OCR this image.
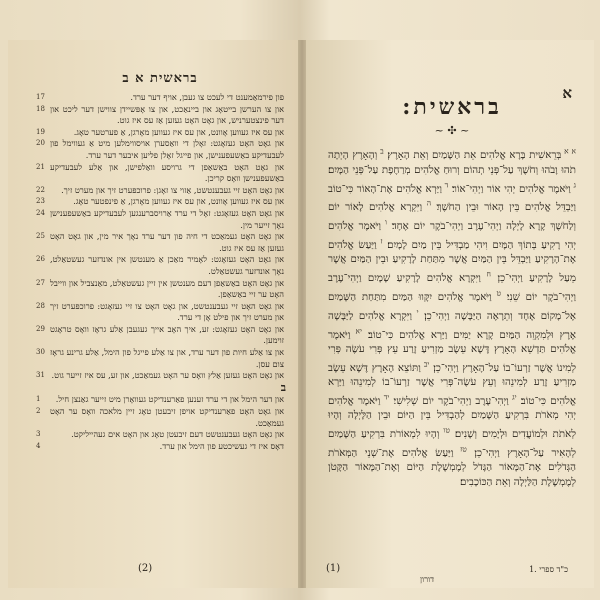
בראשית א ב

17	פון פירמאַמענט די לעכט צו געבן, אויף דער ערד.

18 און צו הערשן בייטאָג און ביינאַכט, און צו אָפּשיידן צווישן דער ליכט און דער פינצטערניש, און גאָט האָט געזען אַז עס איז גוט.

19	און עס איז געווען אָוונט, און עס איז געווען מאָרגן, אַ פערטער טאָג.

20 און גאָט האָט געזאָגט: זאָלן די וואַסערן אויסווימלען מיט אַ געווימל פון לעבעדיקע באַשעפענישן, און פייגל זאָלן פליען איבער דער ערד.

21 און גאָט האָט באַשאַפן די גרויסע וואַלפישן, און אַלע לעבעדיקע באַשעפענישן וואָס קריכן.

22 און גאָט האָט זיי געבענטשט, אַזוי צו זאָגן: פרוכפּערט זיך און מערט זיך.

23	און עס איז געווען אָוונט, און עס איז געווען מאָרגן, אַ פינפטער טאָג.

24 און גאָט האָט געזאָגט: זאָל די ערד אַרויסברענגען לעבעדיקע באַשעפענישן נאָך זייער מין.

25 און גאָט האָט געמאַכט די חיה פון דער ערד נאָך איר מין, און גאָט האָט געזען אַז עס איז גוט.

26 און גאָט האָט געזאָגט: לאָמיר מאַכן אַ מענטשן אין אונדזער געשטאַלט, נאָך אונדזער געשטאַלט.

27 און גאָט האָט באַשאַפן דעם מענטשן אין זיין געשטאַלט, מאַנצביל און ווייבל האָט ער זיי באַשאַפן.

28 און גאָט האָט זיי געבענטשט, און גאָט האָט צו זיי געזאָגט: פרוכפּערט זיך און מערט זיך און פילט אָן די ערד.

29 און גאָט האָט געזאָגט: זע, איך האָב אייך געגעבן אַלע גראָז וואָס טראָגט זוימען.

30 און צו אַלע חיות פון דער ערד, און צו אַלע פייגל פון הימל, אַלע גרינע גראָז צום עסן.

31 און גאָט האָט געזען אַלץ וואָס ער האָט געמאַכט, און זע, עס איז זייער גוט.

ב

1 און דער הימל און די ערד זענען פאַרענדיקט געוואָרן מיט זייער גאַנצן חיל.

2 און גאָט האָט פאַרענדיקט אויפן זיבעטן טאָג זיין מלאכה וואָס ער האָט געמאַכט.

3	און גאָט האָט געבענטשט דעם זיבעטן טאָג און האָט אים געהייליקט.

4	דאָס איז די געשיכטע פון הימל און ערד.

(2)
א
בראשית:
~ ✣ ~
$^{א א}$ בְּרֵאשִׁית בָּרָא אֱלֹהִים אֵת הַשָּׁמַיִם וְאֵת הָאָרֶץ׃ $^ב$ וְהָאָרֶץ הָיְתָה תֹהוּ וָבֹהוּ וְחֹשֶׁךְ עַל־פְּנֵי תְהוֹם וְרוּחַ אֱלֹהִים מְרַחֶפֶת עַל־פְּנֵי הַמָּיִם׃ $^ג$ וַיֹּאמֶר אֱלֹהִים יְהִי אוֹר וַיְהִי־אוֹר׃ $^ד$ וַיַּרְא אֱלֹהִים אֶת־הָאוֹר כִּי־טוֹב וַיַּבְדֵּל אֱלֹהִים בֵּין הָאוֹר וּבֵין הַחֹשֶׁךְ׃ $^ה$ וַיִּקְרָא אֱלֹהִים לָאוֹר יוֹם וְלַחֹשֶׁךְ קָרָא לָיְלָה וַיְהִי־עֶרֶב וַיְהִי־בֹקֶר יוֹם אֶחָד׃ $^ו$ וַיֹּאמֶר אֱלֹהִים יְהִי רָקִיעַ בְּתוֹךְ הַמָּיִם וִיהִי מַבְדִּיל בֵּין מַיִם לָמָיִם׃ $^ז$ וַיַּעַשׂ אֱלֹהִים אֶת־הָרָקִיעַ וַיַּבְדֵּל בֵּין הַמַּיִם אֲשֶׁר מִתַּחַת לָרָקִיעַ וּבֵין הַמַּיִם אֲשֶׁר מֵעַל לָרָקִיעַ וַיְהִי־כֵן׃ $^ח$ וַיִּקְרָא אֱלֹהִים לָרָקִיעַ שָׁמָיִם וַיְהִי־עֶרֶב וַיְהִי־בֹקֶר יוֹם שֵׁנִי׃ $^ט$ וַיֹּאמֶר אֱלֹהִים יִקָּווּ הַמַּיִם מִתַּחַת הַשָּׁמַיִם אֶל־מָקוֹם אֶחָד וְתֵרָאֶה הַיַּבָּשָׁה וַיְהִי־כֵן׃ $^י$ וַיִּקְרָא אֱלֹהִים לַיַּבָּשָׁה אֶרֶץ וּלְמִקְוֵה הַמַּיִם קָרָא יַמִּים וַיַּרְא אֱלֹהִים כִּי־טוֹב׃ $^{יא}$ וַיֹּאמֶר אֱלֹהִים תַּדְשֵׁא הָאָרֶץ דֶּשֶׁא עֵשֶׂב מַזְרִיעַ זֶרַע עֵץ פְּרִי עֹשֶׂה פְּרִי לְמִינוֹ אֲשֶׁר זַרְעוֹ־בוֹ עַל־הָאָרֶץ וַיְהִי־כֵן׃ $^{יב}$ וַתּוֹצֵא הָאָרֶץ דֶּשֶׁא עֵשֶׂב מַזְרִיעַ זֶרַע לְמִינֵהוּ וְעֵץ עֹשֶׂה־פְּרִי אֲשֶׁר זַרְעוֹ־בוֹ לְמִינֵהוּ וַיַּרְא אֱלֹהִים כִּי־טוֹב׃ $^{יג}$ וַיְהִי־עֶרֶב וַיְהִי־בֹקֶר יוֹם שְׁלִישִׁי׃ $^{יד}$ וַיֹּאמֶר אֱלֹהִים יְהִי מְאֹרֹת בִּרְקִיעַ הַשָּׁמַיִם לְהַבְדִּיל בֵּין הַיּוֹם וּבֵין הַלָּיְלָה וְהָיוּ לְאֹתֹת וּלְמוֹעֲדִים וּלְיָמִים וְשָׁנִים׃ $^{טו}$ וְהָיוּ לִמְאוֹרֹת בִּרְקִיעַ הַשָּׁמַיִם לְהָאִיר עַל־הָאָרֶץ וַיְהִי־כֵן׃ $^{טז}$ וַיַּעַשׂ אֱלֹהִים אֶת־שְׁנֵי הַמְּאֹרֹת הַגְּדֹלִים אֶת־הַמָּאוֹר הַגָּדֹל לְמֶמְשֶׁלֶת הַיּוֹם וְאֶת־הַמָּאוֹר הַקָּטֹן לְמֶמְשֶׁלֶת הַלַּיְלָה וְאֵת הַכּוֹכָבִים׃
(1)	כ"ד ספרי .1
דורון
